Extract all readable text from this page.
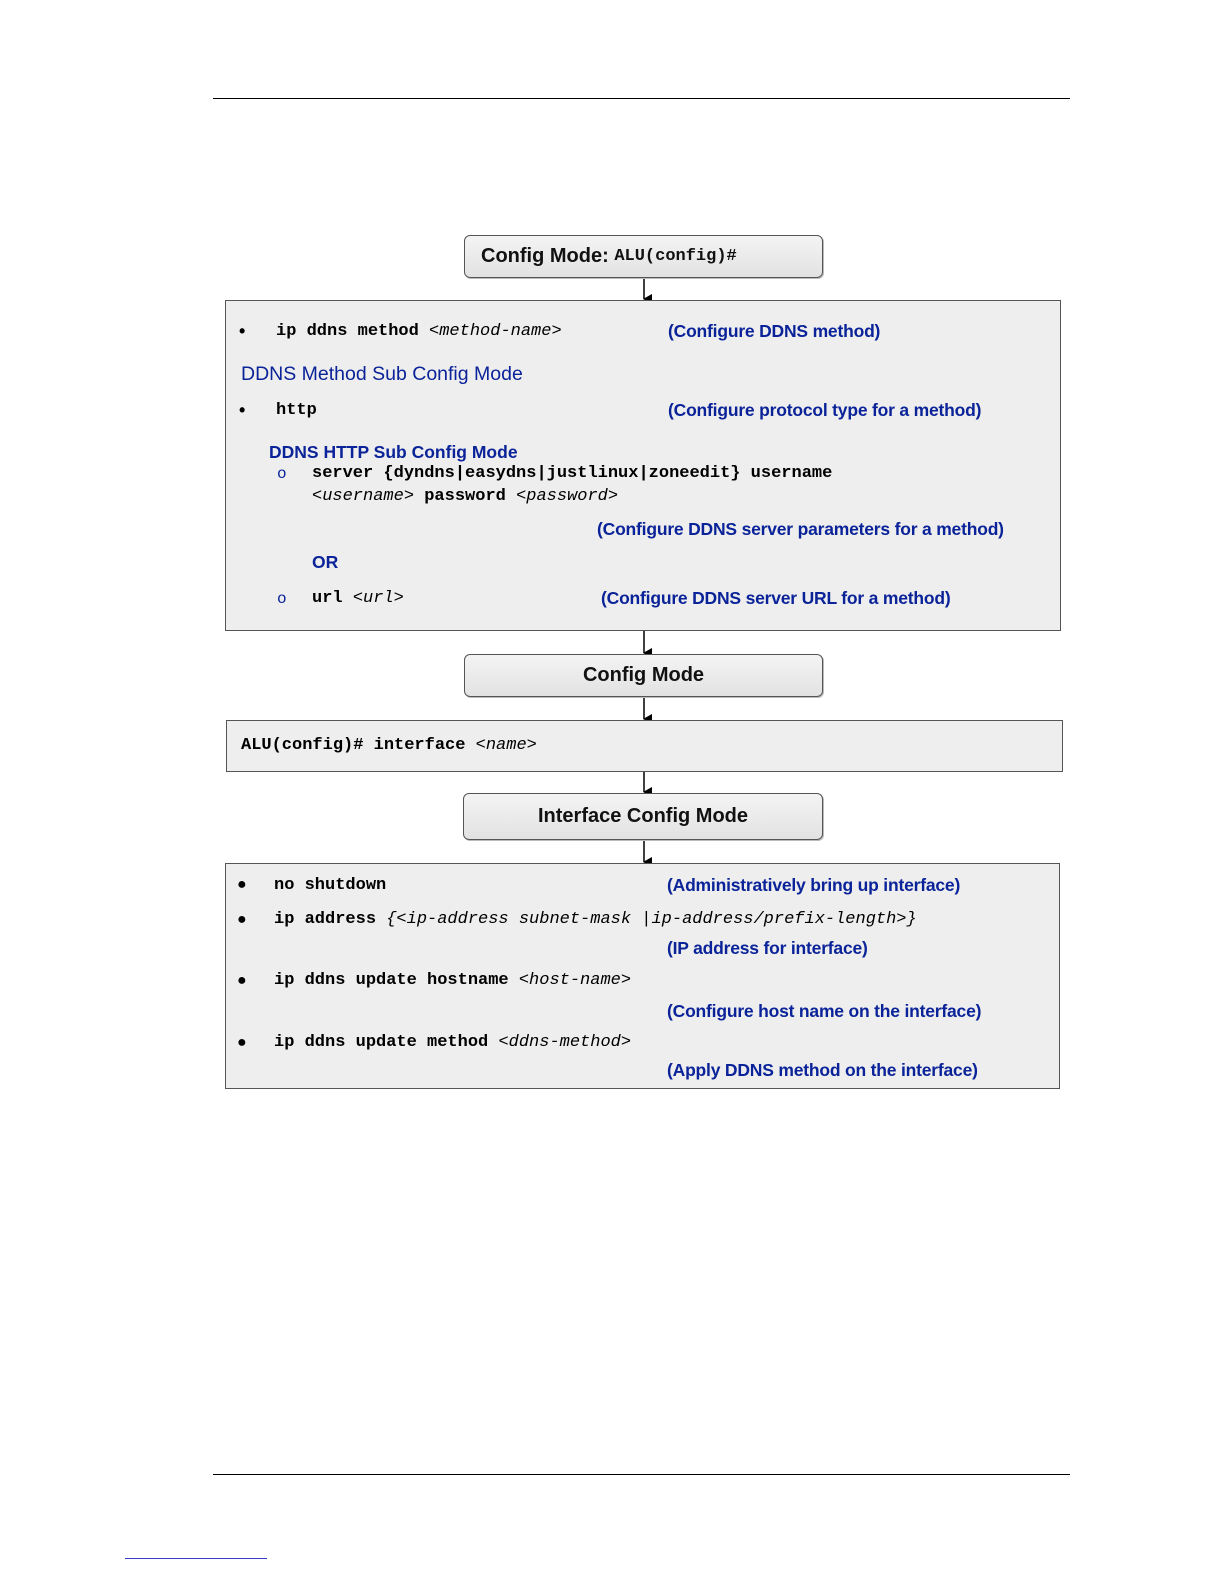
Config Mode: ALU(config)#
• ip ddns method <method-name>	(Configure DDNS method)
DDNS Method Sub Config Mode
• http	(Configure protocol type for a method)
DDNS HTTP Sub Config Mode
o server {dyndns|easydns|justlinux|zoneedit} username
<username> password <password>
(Configure DDNS server parameters for a method)
OR
o url <url>	(Configure DDNS server URL for a method)
Config Mode
ALU(config)# interface <name>
Interface Config Mode
● no shutdown	(Administratively bring up interface)
● ip address {<ip-address subnet-mask |ip-address/prefix-length>}
(IP address for interface)
● ip ddns update hostname <host-name>
(Configure host name on the interface)
● ip ddns update method <ddns-method>
(Apply DDNS method on the interface)
